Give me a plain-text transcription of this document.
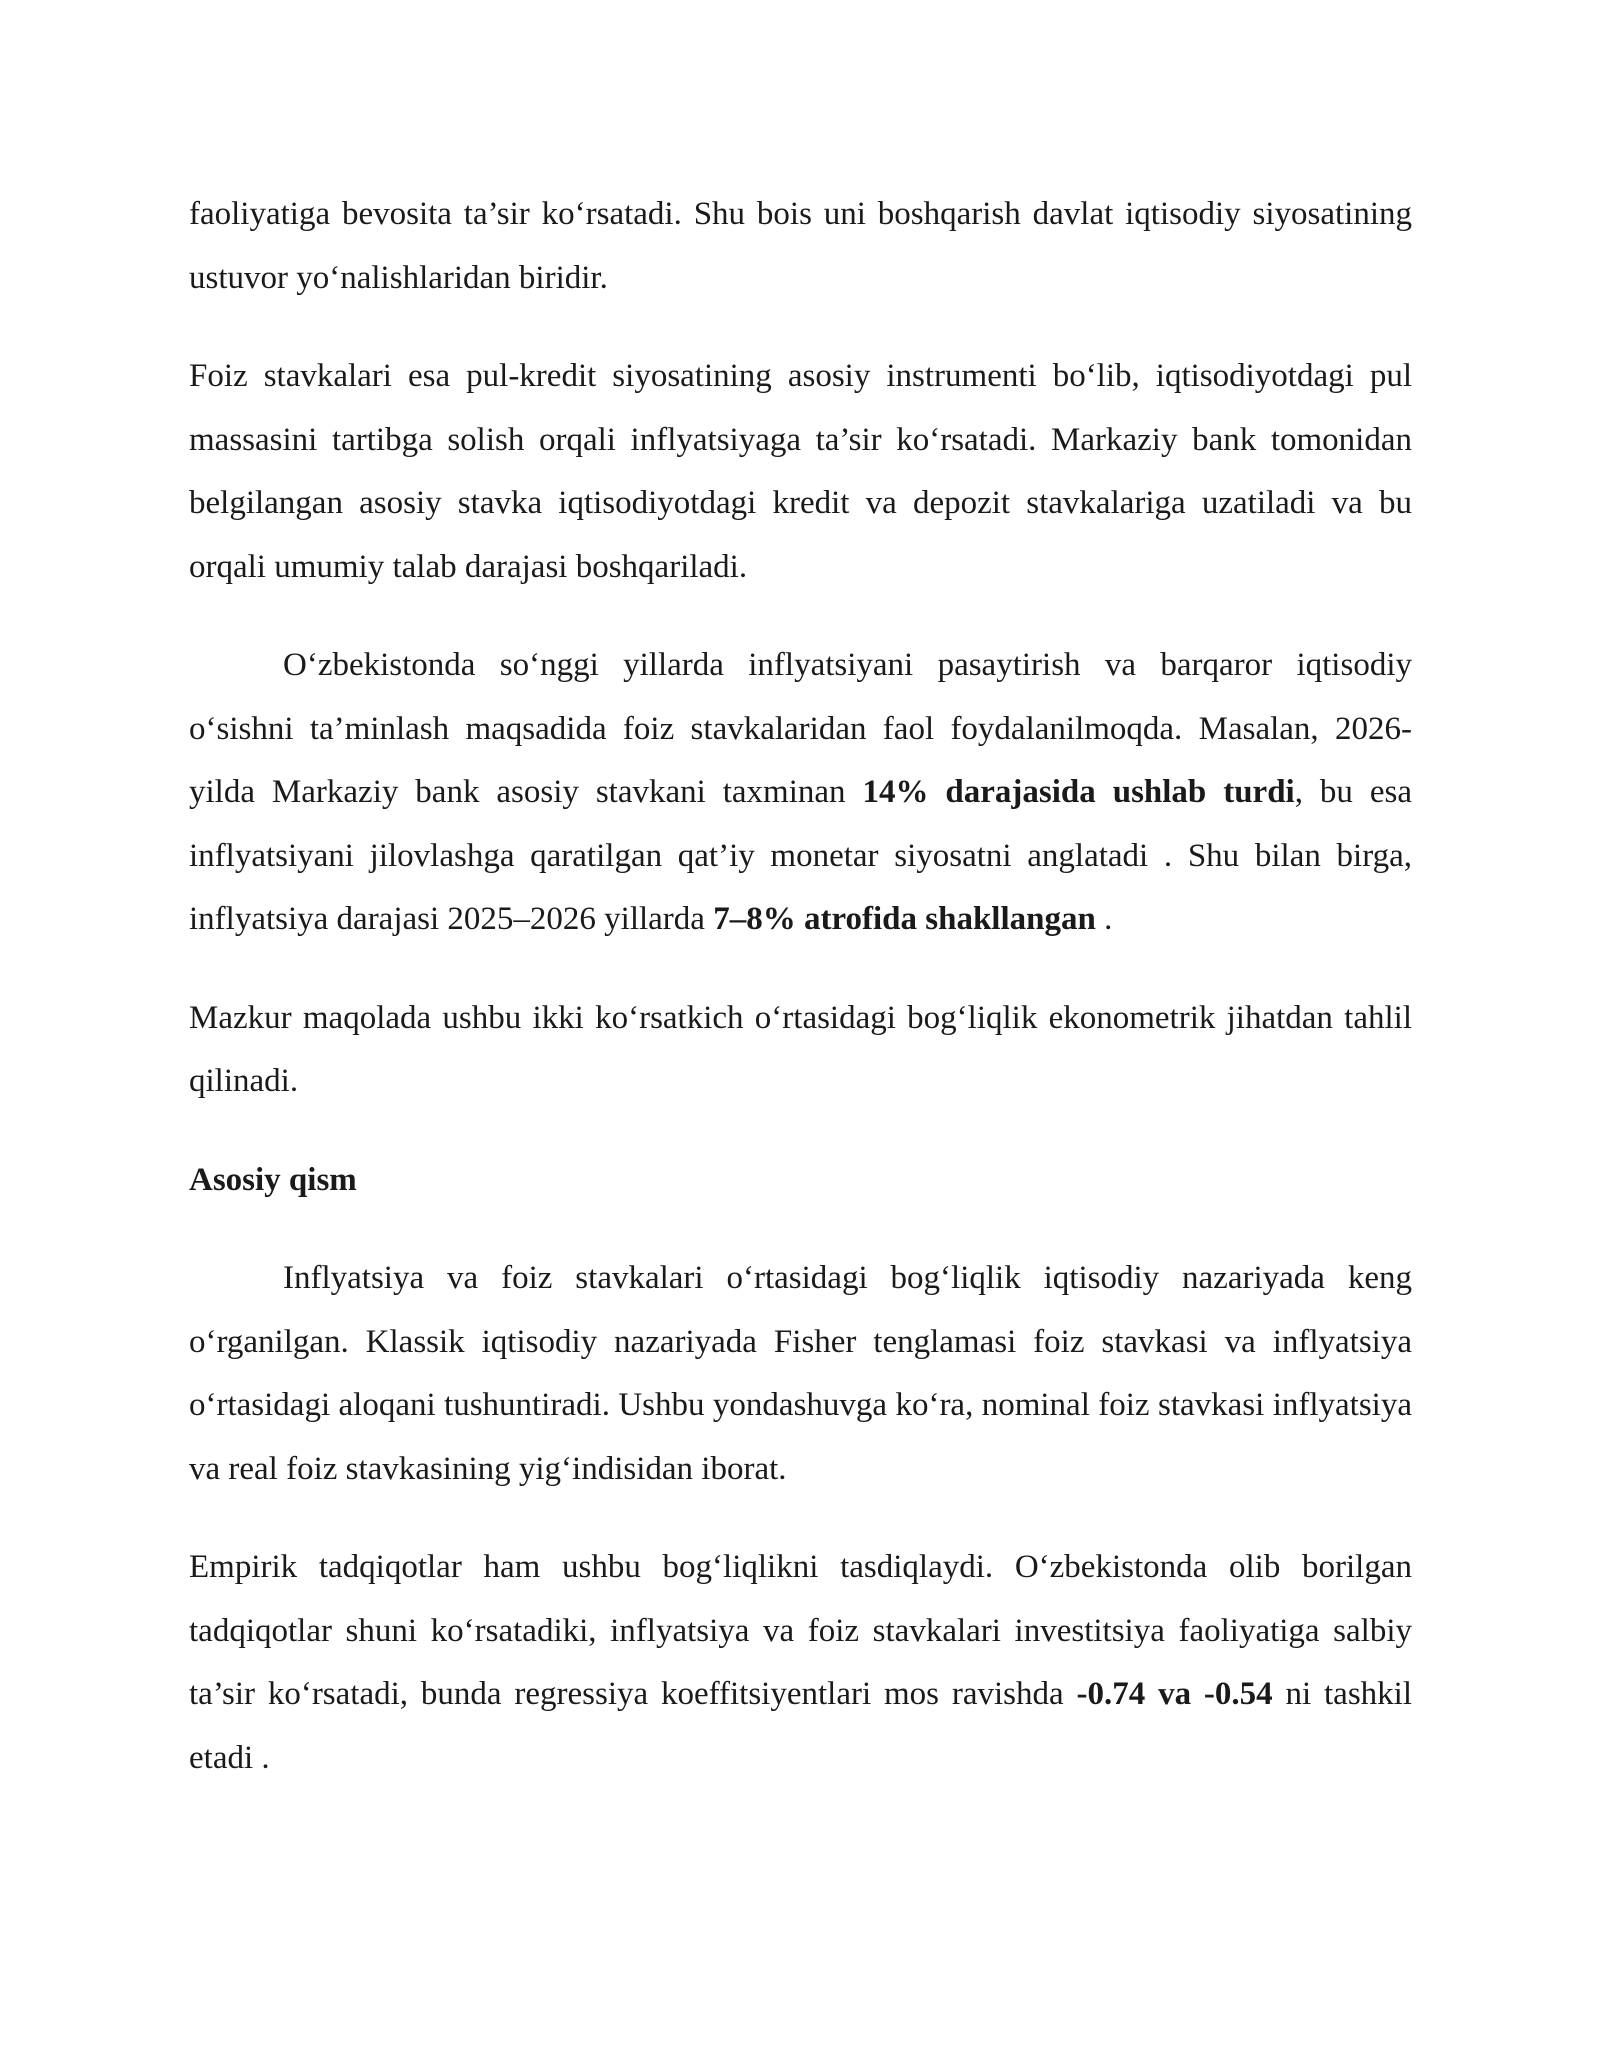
faoliyatiga bevosita ta’sir ko‘rsatadi. Shu bois uni boshqarish davlat iqtisodiy siyosatining ustuvor yo‘nalishlaridan biridir.

Foiz stavkalari esa pul-kredit siyosatining asosiy instrumenti bo‘lib, iqtisodiyotdagi pul massasini tartibga solish orqali inflyatsiyaga ta’sir ko‘rsatadi. Markaziy bank tomonidan belgilangan asosiy stavka iqtisodiyotdagi kredit va depozit stavkalariga uzatiladi va bu orqali umumiy talab darajasi boshqariladi.

O‘zbekistonda so‘nggi yillarda inflyatsiyani pasaytirish va barqaror iqtisodiy o‘sishni ta’minlash maqsadida foiz stavkalaridan faol foydalanilmoqda. Masalan, 2026-yilda Markaziy bank asosiy stavkani taxminan 14% darajasida ushlab turdi, bu esa inflyatsiyani jilovlashga qaratilgan qat’iy monetar siyosatni anglatadi . Shu bilan birga, inflyatsiya darajasi 2025–2026 yillarda 7–8% atrofida shakllangan .

Mazkur maqolada ushbu ikki ko‘rsatkich o‘rtasidagi bog‘liqlik ekonometrik jihatdan tahlil qilinadi.

Asosiy qism

Inflyatsiya va foiz stavkalari o‘rtasidagi bog‘liqlik iqtisodiy nazariyada keng o‘rganilgan. Klassik iqtisodiy nazariyada Fisher tenglamasi foiz stavkasi va inflyatsiya o‘rtasidagi aloqani tushuntiradi. Ushbu yondashuvga ko‘ra, nominal foiz stavkasi inflyatsiya va real foiz stavkasining yig‘indisidan iborat.

Empirik tadqiqotlar ham ushbu bog‘liqlikni tasdiqlaydi. O‘zbekistonda olib borilgan tadqiqotlar shuni ko‘rsatadiki, inflyatsiya va foiz stavkalari investitsiya faoliyatiga salbiy ta’sir ko‘rsatadi, bunda regressiya koeffitsiyentlari mos ravishda -0.74 va -0.54 ni tashkil etadi .
